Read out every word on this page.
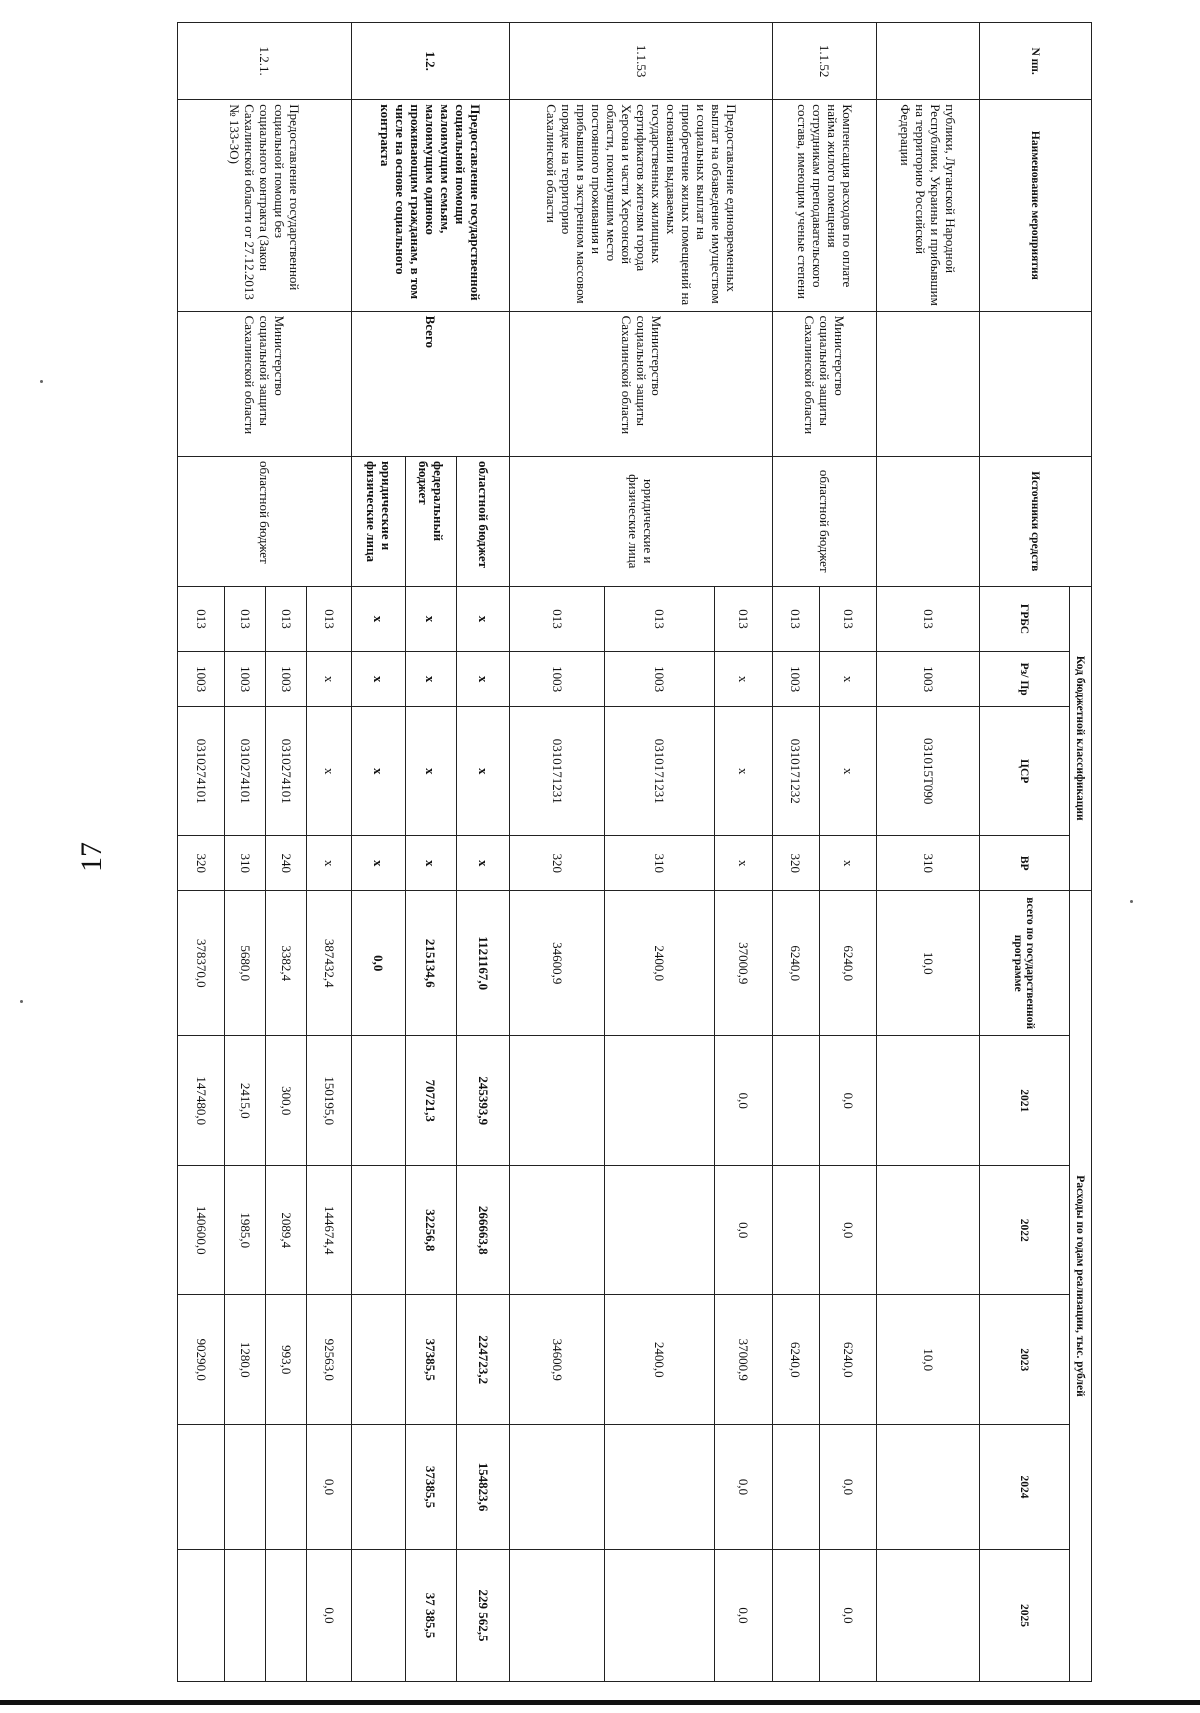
17
N пп.	Наименование мероприятия		Источники средств	Код бюджетной классификации				Расходы по годам реализации, тыс. рублей					
				ГРБС	Рз/ Пр	ЦСР	ВР	всего по государственной программе	2021	2022	2023	2024	2025
	публики, Луганской Народной Республики, Украины и прибывшим на территорию Российской Федерации			013	1003	031015Т090	310	10,0			10,0		
1.1.52	Компенсация расходов по оплате найма жилого помещения сотрудникам преподавательского состава, имеющим ученые степени	Министерство социальной защиты Сахалинской области	областной бюджет	013	х	х	х	6240,0	0,0	0,0	6240,0	0,0	0,0
				013	1003	0310171232	320	6240,0			6240,0		
1.1.53	Предоставление единовременных выплат на обзаведение имуществом и социальных выплат на приобретение жилых помещений на основании выдаваемых государственных жилищных сертификатов жителям города Херсона и части Херсонской области, покинувшим место постоянного проживания и прибывшим в экстренном массовом порядке на территорию Сахалинской области	Министерство социальной защиты Сахалинской области	юридические и физические лица	013	х	х	х	37000,9	0,0	0,0	37000,9	0,0	0,0
				013	1003	0310171231	310	2400,0			2400,0		
				013	1003	0310171231	320	34600,9			34600,9		
1.2.	Предоставление государственной социальной помощи малоимущим семьям, малоимущим одиноко проживающим гражданам, в том числе на основе социального контракта	Всего	областной бюджет	х	х	х	х	1121167,0	245393,9	266663,8	224723,2	154823,6	229 562,5
			федеральный бюджет	х	х	х	х	215134,6	70721,3	32256,8	37385,5	37385,5	37 385,5
			юридические и физические лица	х	х	х	х	0,0					
1.2.1.	Предоставление государственной социальной помощи без социального контракта (Закон Сахалинской области от 27.12.2013 № 133-ЗО)	Министерство социальной защиты Сахалинской области	областной бюджет	013	х	х	х	387432,4	150195,0	144674,4	92563,0	0,0	0,0
				013	1003	0310274101	240	3382,4	300,0	2089,4	993,0		
				013	1003	0310274101	310	5680,0	2415,0	1985,0	1280,0		
				013	1003	0310274101	320	378370,0	147480,0	140600,0	90290,0		
